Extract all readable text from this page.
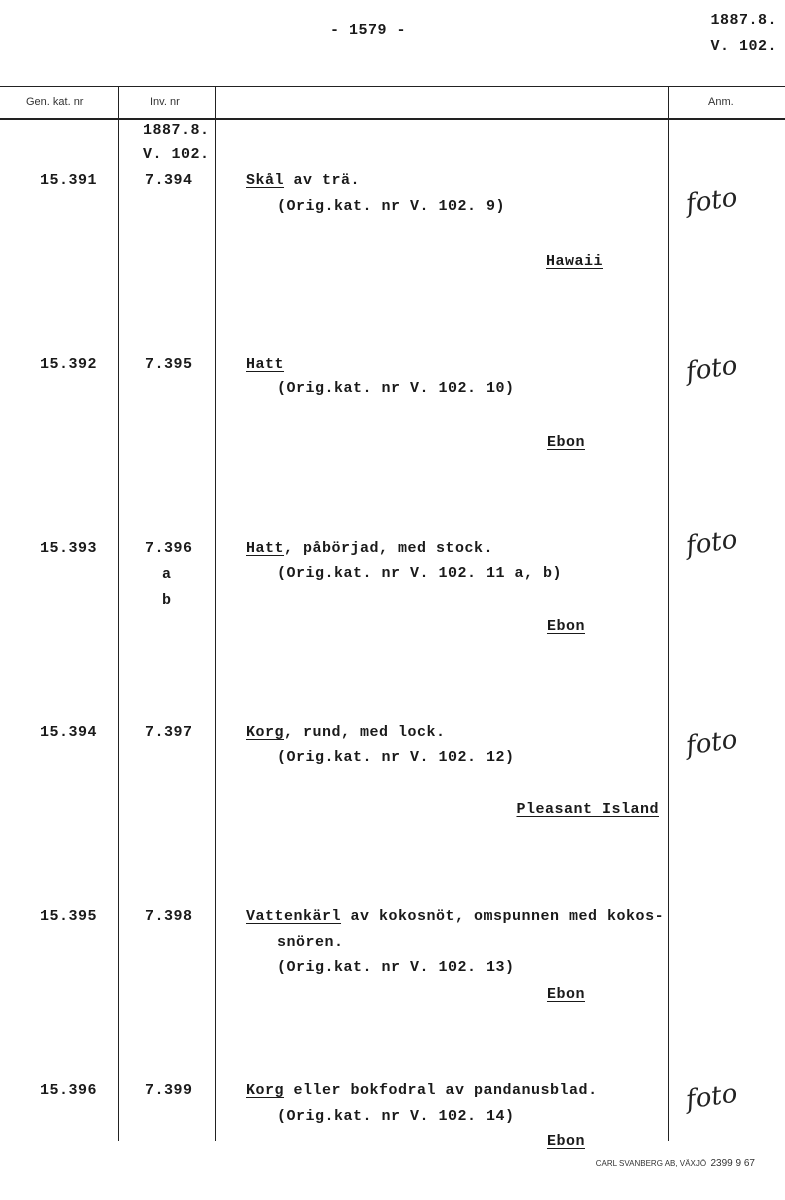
- 1579 -
1887.8.
V. 102.
Gen. kat. nr	Inv. nr	Anm.
1887.8.
V. 102.
15.391	7.394	Skål av trä.
(Orig.kat. nr V. 102. 9)
Hawaii
foto
15.392	7.395	Hatt
(Orig.kat. nr V. 102. 10)
Ebon
foto
15.393	7.396
a
b
Hatt, påbörjad, med stock.
(Orig.kat. nr V. 102. 11 a, b)
Ebon
foto
15.394	7.397	Korg, rund, med lock.
(Orig.kat. nr V. 102. 12)
Pleasant Island
foto
15.395	7.398	Vattenkärl av kokosnöt, omspunnen med kokos-
snören.
(Orig.kat. nr V. 102. 13)
Ebon
15.396	7.399	Korg eller bokfodral av pandanusblad.
(Orig.kat. nr V. 102. 14)
Ebon
foto
CARL SVANBERG AB, VÄXJÖ 2399 9 67
